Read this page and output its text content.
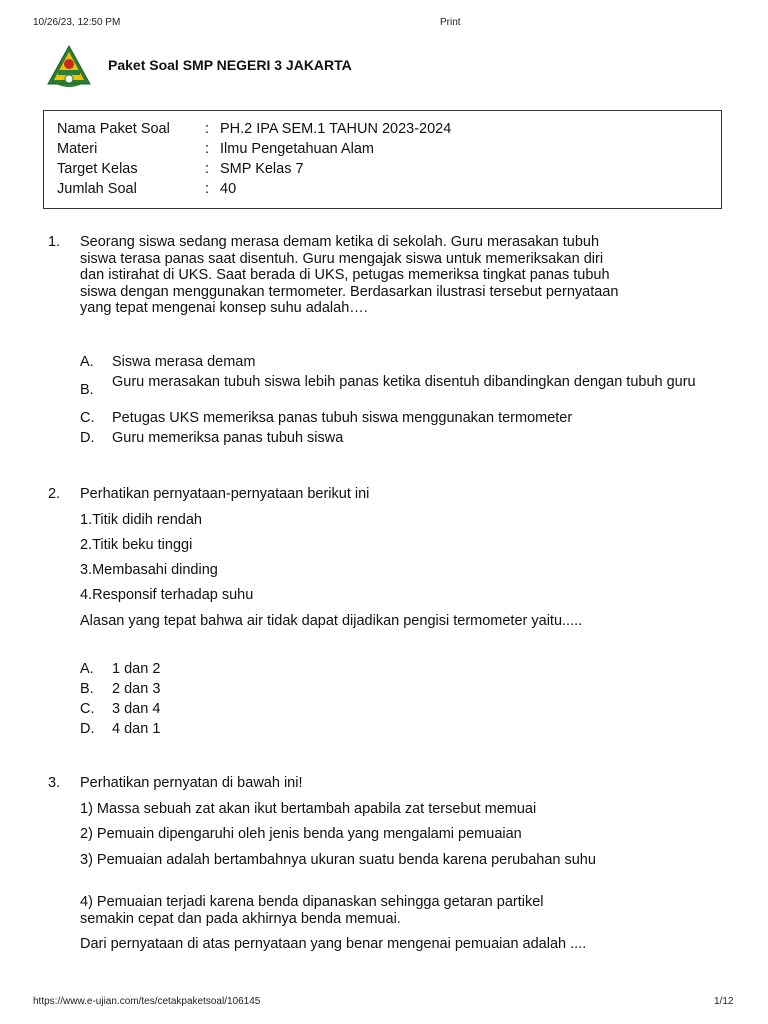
10/26/23, 12:50 PM	Print
Paket Soal SMP NEGERI 3 JAKARTA
Nama Paket Soal : PH.2 IPA SEM.1 TAHUN 2023-2024
Materi	: Ilmu Pengetahuan Alam
Target Kelas	: SMP Kelas 7
Jumlah Soal	: 40
1. Seorang siswa sedang merasa demam ketika di sekolah. Guru merasakan tubuh siswa terasa panas saat disentuh. Guru mengajak siswa untuk memeriksakan diri dan istirahat di UKS. Saat berada di UKS, petugas memeriksa tingkat panas tubuh siswa dengan menggunakan termometer. Berdasarkan ilustrasi tersebut pernyataan yang tepat mengenai konsep suhu adalah….
A. Siswa merasa demam
B. Guru merasakan tubuh siswa lebih panas ketika disentuh dibandingkan dengan tubuh guru
C. Petugas UKS memeriksa panas tubuh siswa menggunakan termometer
D. Guru memeriksa panas tubuh siswa
2. Perhatikan pernyataan-pernyataan berikut ini
1.Titik didih rendah
2.Titik beku tinggi
3.Membasahi dinding
4.Responsif terhadap suhu
Alasan yang tepat bahwa air tidak dapat dijadikan pengisi termometer yaitu.....
A. 1 dan 2
B. 2 dan 3
C. 3 dan 4
D. 4 dan 1
3. Perhatikan pernyatan di bawah ini!
1) Massa sebuah zat akan ikut bertambah apabila zat tersebut memuai
2) Pemuain dipengaruhi oleh jenis benda yang mengalami pemuaian
3) Pemuaian adalah bertambahnya ukuran suatu benda karena perubahan suhu
4) Pemuaian terjadi karena benda dipanaskan sehingga getaran partikel semakin cepat dan pada akhirnya benda memuai.
Dari pernyataan di atas pernyataan yang benar mengenai pemuaian adalah ....
https://www.e-ujian.com/tes/cetakpaketsoal/106145	1/12
